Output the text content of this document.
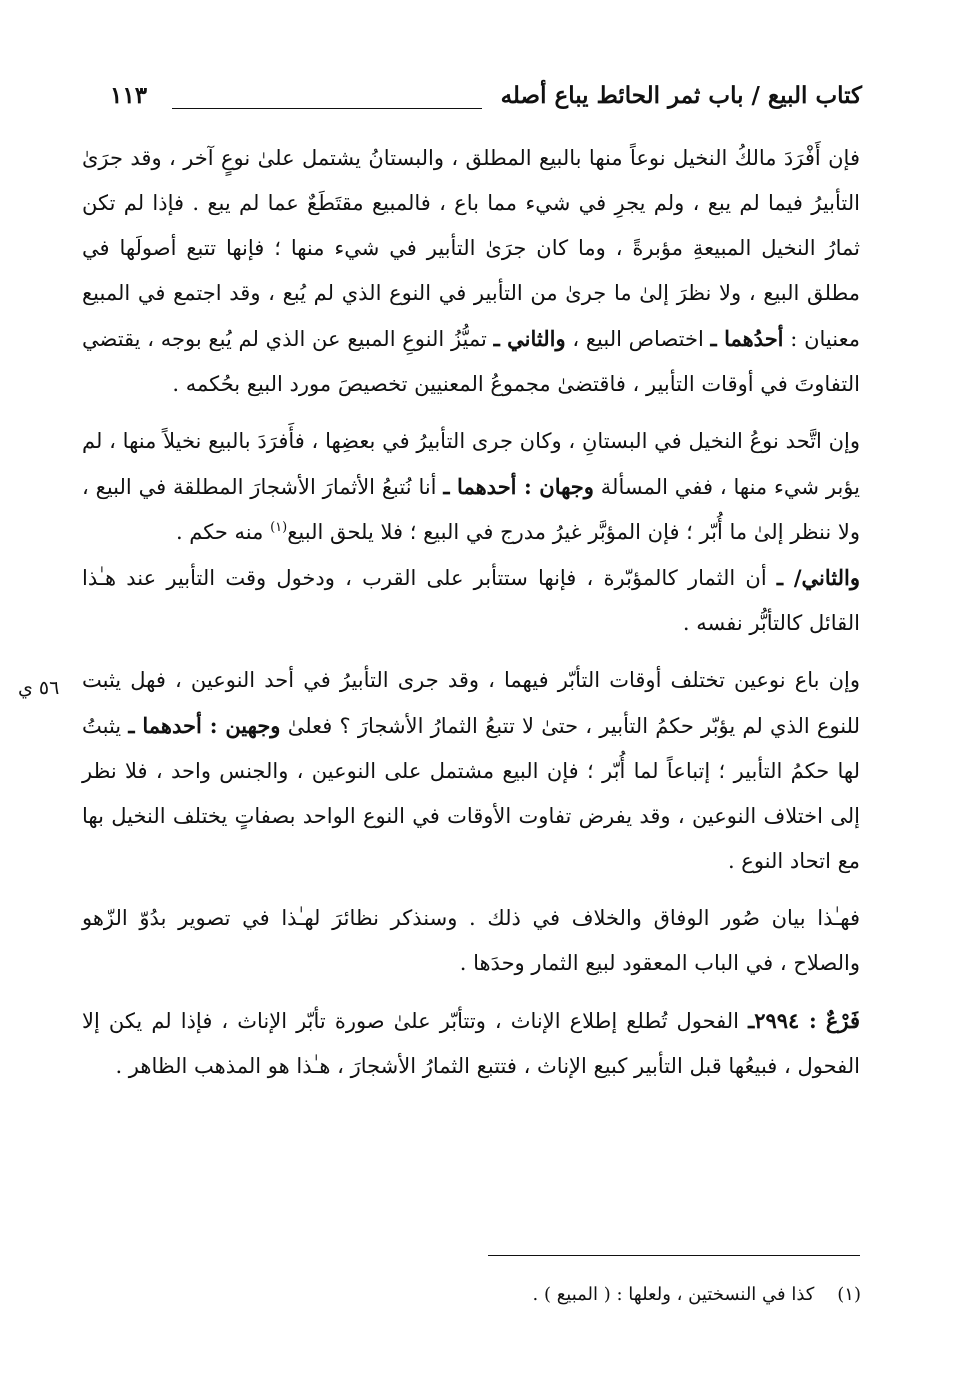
كتاب البيع / باب ثمر الحائط يباع أصله
١١٣

فإن أَفْرَدَ مالكُ النخيل نوعاً منها بالبيع المطلق ، والبستانُ يشتمل علىٰ نوعٍ آخر ، وقد جرَىٰ التأبيرُ فيما لم يبع ، ولم يجرِ في شيء مما باع ، فالمبيع مقتَطَعٌ عما لم يبع . فإذا لم تكن ثمارُ النخيل المبيعةِ مؤبرةً ، وما كان جرَىٰ التأبير في شيء منها ؛ فإنها تتبع أصولَها في مطلق البيع ، ولا نظرَ إلىٰ ما جرىٰ من التأبير في النوع الذي لم يُبع ، وقد اجتمع في المبيع معنيان : أحدُهما ـ اختصاص البيع ، والثاني ـ تميُّزُ النوعِ المبيع عن الذي لم يُبع بوجه ، يقتضي التفاوتَ في أوقات التأبير ، فاقتضىٰ مجموعُ المعنيين تخصيصَ مورد البيع بحُكمه .

وإن اتَّحد نوعُ النخيل في البستانِ ، وكان جرى التأبيرُ في بعضِها ، فأَفرَدَ بالبيع نخيلاً منها ، لم يؤبر شيء منها ، ففي المسألة وجهان : أحدهما ـ أنا نُتبعُ الأثمارَ الأشجارَ المطلقة في البيع ، ولا ننظر إلىٰ ما أُبّر ؛ فإن المؤبَّر غيرُ مدرج في البيع ؛ فلا يلحق البيع$^{(١)}$ منه حكم .

والثاني/ ـ أن الثمار كالمؤبّرة ، فإنها ستتأبر على القرب ، ودخول وقت التأبير عند هـٰذا القائل كالتأبُّر نفسه .

وإن باع نوعين تختلف أوقات التأبّر فيهما ، وقد جرى التأبيرُ في أحد النوعين ، فهل يثبت للنوع الذي لم يؤبّر حكمُ التأبير ، حتىٰ لا تتبعُ الثمارُ الأشجارَ ؟ فعلىٰ وجهين : أحدهما ـ يثبتُ لها حكمُ التأبير ؛ إتباعاً لما أُبّر ؛ فإن البيع مشتمل على النوعين ، والجنس واحد ، فلا نظر إلى اختلاف النوعين ، وقد يفرض تفاوت الأوقات في النوع الواحد بصفاتٍ يختلف النخيل بها مع اتحاد النوع .

فهـٰذا بيان صُور الوفاق والخلاف في ذلك . وسنذكر نظائرَ لهـٰذا في تصوير بدُوّ الزّهو والصلاح ، في الباب المعقود لبيع الثمار وحدَها .

فَرْعٌ : ٢٩٩٤ـ الفحول تُطلع إطلاع الإناث ، وتتأبّر علىٰ صورة تأبّر الإناث ، فإذا لم يكن إلا الفحول ، فبيعُها قبل التأبير كبيع الإناث ، فتتبع الثمارُ الأشجارَ ، هـٰذا هو المذهب الظاهر .

٥٦ ي
(١)    كذا في النسختين ، ولعلها : ( المبيع ) .
